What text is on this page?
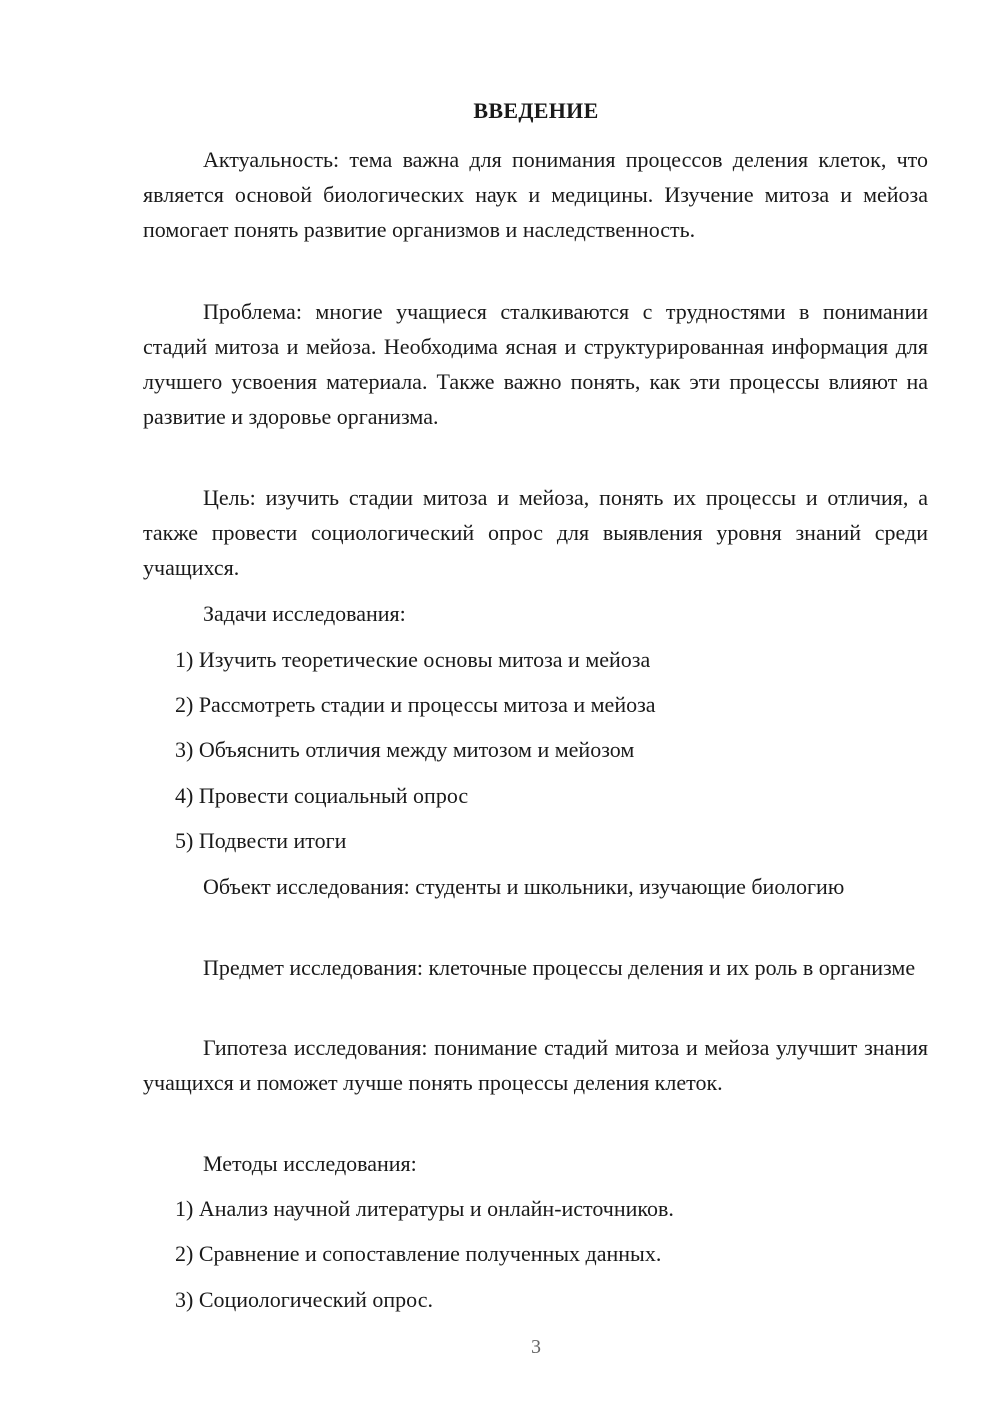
ВВЕДЕНИЕ

Актуальность: тема важна для понимания процессов деления клеток, что является основой биологических наук и медицины. Изучение митоза и мейоза помогает понять развитие организмов и наследственность.

Проблема: многие учащиеся сталкиваются с трудностями в понимании стадий митоза и мейоза. Необходима ясная и структурированная информация для лучшего усвоения материала. Также важно понять, как эти процессы влияют на развитие и здоровье организма.

Цель: изучить стадии митоза и мейоза, понять их процессы и отличия, а также провести социологический опрос для выявления уровня знаний среди учащихся.

Задачи исследования:

1) Изучить теоретические основы митоза и мейоза

2) Рассмотреть стадии и процессы митоза и мейоза

3) Объяснить отличия между митозом и мейозом

4) Провести социальный опрос

5) Подвести итоги

Объект исследования: студенты и школьники, изучающие биологию

Предмет исследования: клеточные процессы деления и их роль в организме

Гипотеза исследования: понимание стадий митоза и мейоза улучшит знания учащихся и поможет лучше понять процессы деления клеток.

Методы исследования:

1) Анализ научной литературы и онлайн-источников.

2) Сравнение и сопоставление полученных данных.

3) Социологический опрос.

3
